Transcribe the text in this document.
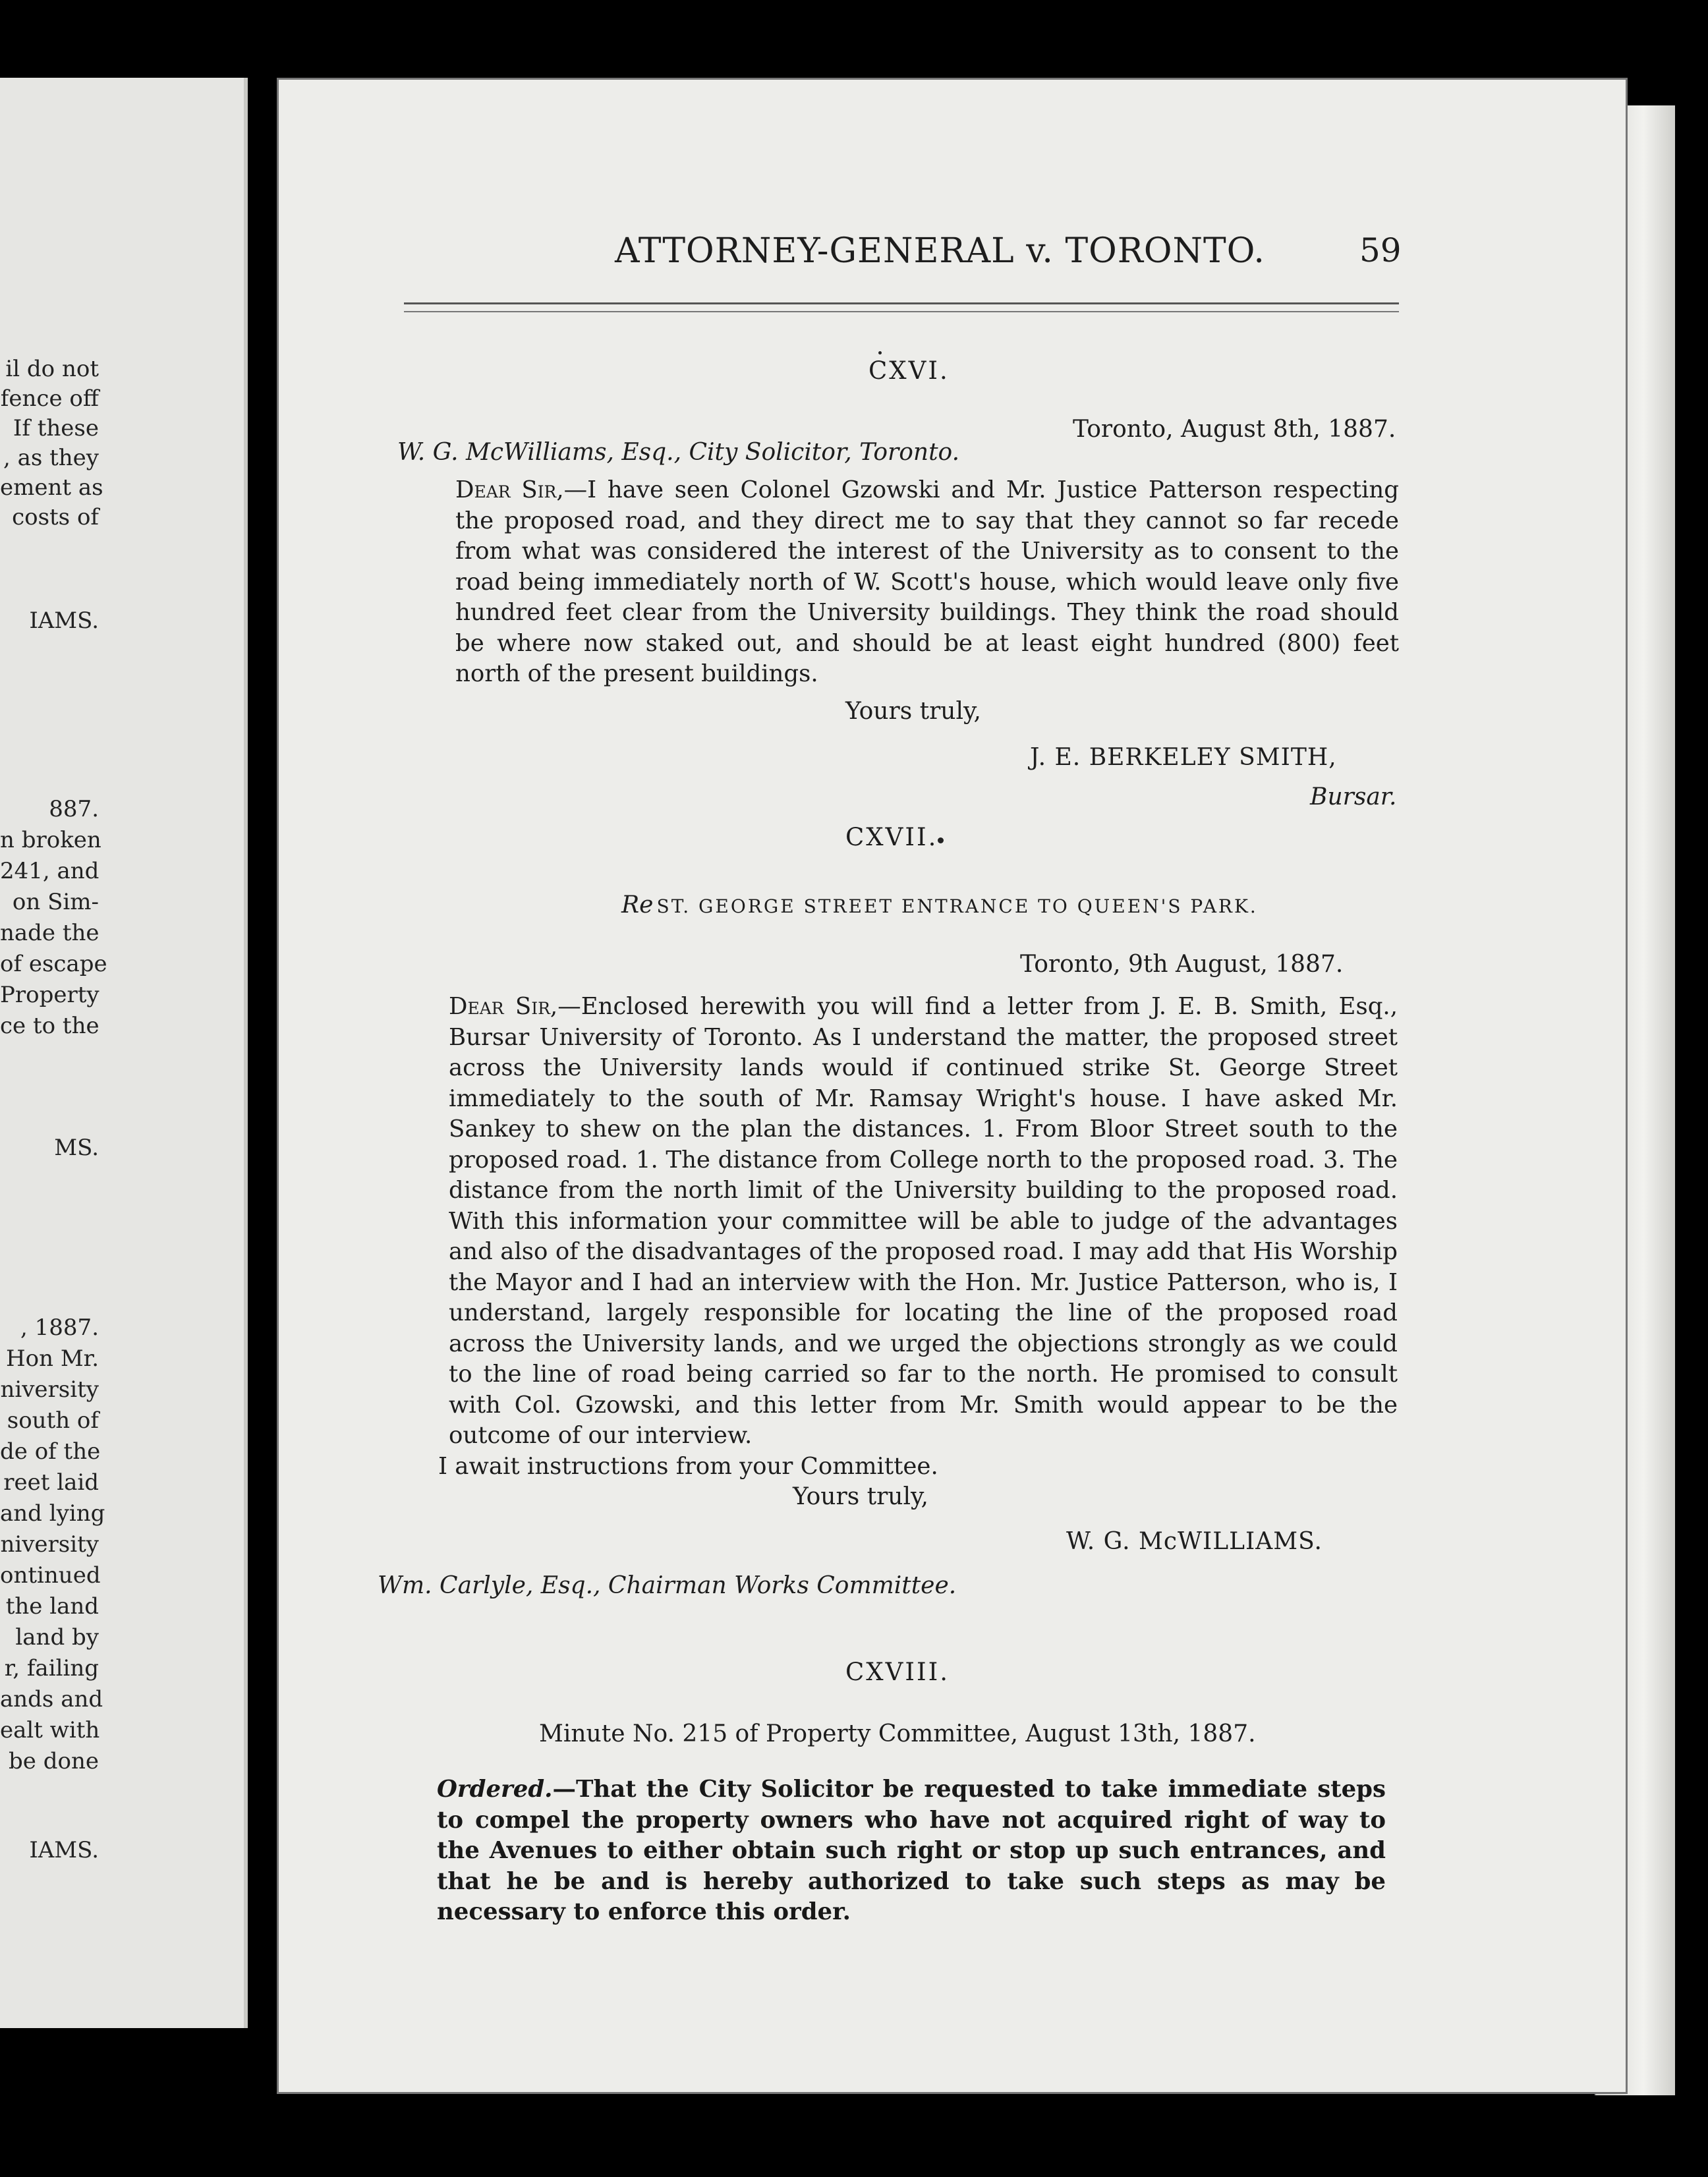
ATTORNEY-GENERAL v. TORONTO.	59
CXVI.
Toronto, August 8th, 1887.
W. G. McWilliams, Esq., City Solicitor, Toronto.
Dear Sir,—I have seen Colonel Gzowski and Mr. Justice Patterson respecting the proposed road, and they direct me to say that they cannot so far recede from what was considered the interest of the University as to consent to the road being immediately north of W. Scott's house, which would leave only five hundred feet clear from the University buildings. They think the road should be where now staked out, and should be at least eight hundred (800) feet north of the present buildings.
Yours truly,
J. E. BERKELEY SMITH,
Bursar.
CXVII.
Re ST. GEORGE STREET ENTRANCE TO QUEEN'S PARK.
Toronto, 9th August, 1887.
Dear Sir,—Enclosed herewith you will find a letter from J. E. B. Smith, Esq., Bursar University of Toronto. As I understand the matter, the proposed street across the University lands would if continued strike St. George Street immediately to the south of Mr. Ramsay Wright's house. I have asked Mr. Sankey to shew on the plan the distances. 1. From Bloor Street south to the proposed road. 1. The distance from College north to the proposed road. 3. The distance from the north limit of the University building to the proposed road. With this information your committee will be able to judge of the advantages and also of the disadvantages of the proposed road. I may add that His Worship the Mayor and I had an interview with the Hon. Mr. Justice Patterson, who is, I understand, largely responsible for locating the line of the proposed road across the University lands, and we urged the objections strongly as we could to the line of road being carried so far to the north. He promised to consult with Col. Gzowski, and this letter from Mr. Smith would appear to be the outcome of our interview.
I await instructions from your Committee.
Yours truly,
W. G. McWILLIAMS.
Wm. Carlyle, Esq., Chairman Works Committee.
CXVIII.
Minute No. 215 of Property Committee, August 13th, 1887.
Ordered.—That the City Solicitor be requested to take immediate steps to compel the property owners who have not acquired right of way to the Avenues to either obtain such right or stop up such entrances, and that he be and is hereby authorized to take such steps as may be necessary to enforce this order.
il do not
fence off
If these
, as they
ement as
costs of
IAMS.
887.
n broken
241, and
on Sim-
nade the
of escape
Property
ce to the
MS.
, 1887.
Hon Mr.
niversity
south of
de of the
reet laid
and lying
niversity
ontinued
the land
land by
r, failing
ands and
ealt with
be done
IAMS.
